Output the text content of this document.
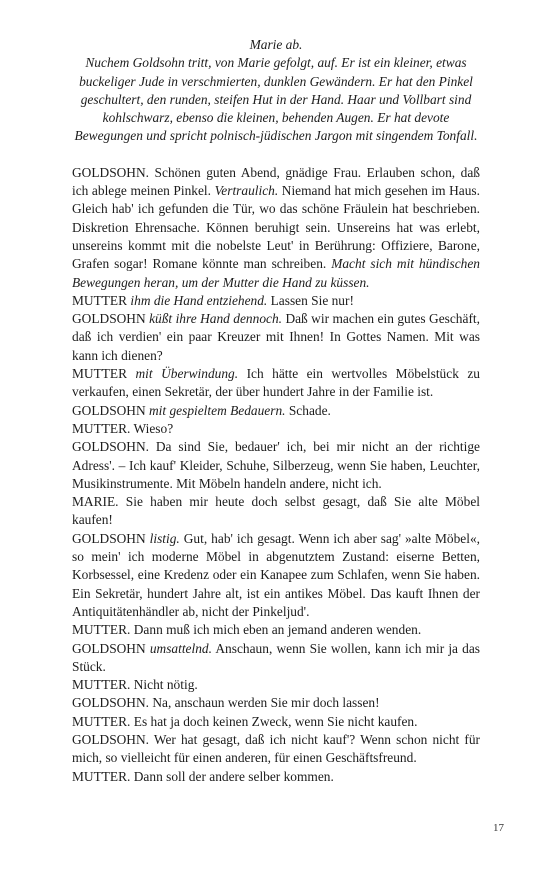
Marie ab.
Nuchem Goldsohn tritt, von Marie gefolgt, auf. Er ist ein kleiner, etwas buckeliger Jude in verschmierten, dunklen Gewändern. Er hat den Pinkel geschultert, den runden, steifen Hut in der Hand. Haar und Vollbart sind kohlschwarz, ebenso die kleinen, behenden Augen. Er hat devote Bewegungen und spricht polnisch-jüdischen Jargon mit singendem Tonfall.

GOLDSOHN. Schönen guten Abend, gnädige Frau. Erlauben schon, daß ich ablege meinen Pinkel. Vertraulich. Niemand hat mich gesehen im Haus. Gleich hab' ich gefunden die Tür, wo das schöne Fräulein hat beschrieben. Diskretion Ehrensache. Können beruhigt sein. Unsereins hat was erlebt, unsereins kommt mit die nobelste Leut' in Berührung: Offiziere, Barone, Grafen sogar! Romane könnte man schreiben. Macht sich mit hündischen Bewegungen heran, um der Mutter die Hand zu küssen.

MUTTER ihm die Hand entziehend. Lassen Sie nur!

GOLDSOHN küßt ihre Hand dennoch. Daß wir machen ein gutes Geschäft, daß ich verdien' ein paar Kreuzer mit Ihnen! In Gottes Namen. Mit was kann ich dienen?

MUTTER mit Überwindung. Ich hätte ein wertvolles Möbelstück zu verkaufen, einen Sekretär, der über hundert Jahre in der Familie ist.

GOLDSOHN mit gespieltem Bedauern. Schade.

MUTTER. Wieso?

GOLDSOHN. Da sind Sie, bedauer' ich, bei mir nicht an der richtige Adress'. – Ich kauf' Kleider, Schuhe, Silberzeug, wenn Sie haben, Leuchter, Musikinstrumente. Mit Möbeln handeln andere, nicht ich.

MARIE. Sie haben mir heute doch selbst gesagt, daß Sie alte Möbel kaufen!

GOLDSOHN listig. Gut, hab' ich gesagt. Wenn ich aber sag' »alte Möbel«, so mein' ich moderne Möbel in abgenutztem Zustand: eiserne Betten, Korbsessel, eine Kredenz oder ein Kanapee zum Schlafen, wenn Sie haben. Ein Sekretär, hundert Jahre alt, ist ein antikes Möbel. Das kauft Ihnen der Antiquitätenhändler ab, nicht der Pinkeljud'.

MUTTER. Dann muß ich mich eben an jemand anderen wenden.

GOLDSOHN umsattelnd. Anschaun, wenn Sie wollen, kann ich mir ja das Stück.

MUTTER. Nicht nötig.

GOLDSOHN. Na, anschaun werden Sie mir doch lassen!

MUTTER. Es hat ja doch keinen Zweck, wenn Sie nicht kaufen.

GOLDSOHN. Wer hat gesagt, daß ich nicht kauf'? Wenn schon nicht für mich, so vielleicht für einen anderen, für einen Geschäftsfreund.

MUTTER. Dann soll der andere selber kommen.

17
